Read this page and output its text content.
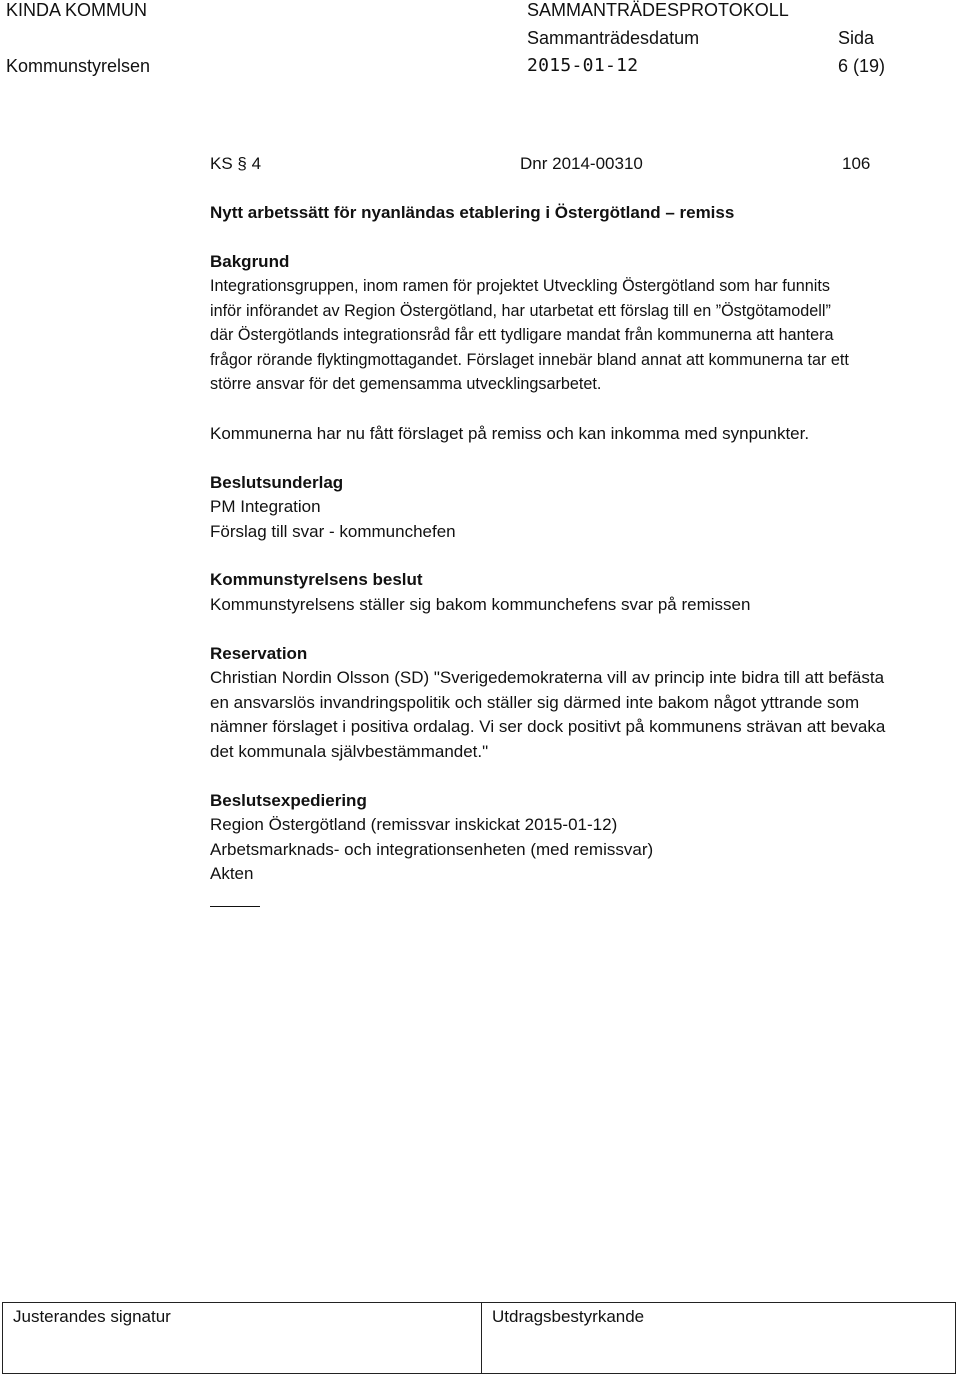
KINDA KOMMUN	SAMMANTRÄDESPROTOKOLL
Sammanträdesdatum	Sida
Kommunstyrelsen	2015-01-12	6 (19)
KS § 4	Dnr 2014-00310	106
Nytt arbetssätt för nyanländas etablering i Östergötland – remiss
Bakgrund
Integrationsgruppen, inom ramen för projektet Utveckling Östergötland som har funnits
inför införandet av Region Östergötland, har utarbetat ett förslag till en ”Östgötamodell”
där Östergötlands integrationsråd får ett tydligare mandat från kommunerna att hantera
frågor rörande flyktingmottagandet. Förslaget innebär bland annat att kommunerna tar ett
större ansvar för det gemensamma utvecklingsarbetet.
Kommunerna har nu fått förslaget på remiss och kan inkomma med synpunkter.
Beslutsunderlag
PM Integration
Förslag till svar - kommunchefen
Kommunstyrelsens beslut
Kommunstyrelsens ställer sig bakom kommunchefens svar på remissen
Reservation
Christian Nordin Olsson (SD) "Sverigedemokraterna vill av princip inte bidra till att befästa
en ansvarslös invandringspolitik och ställer sig därmed inte bakom något yttrande som
nämner förslaget i positiva ordalag. Vi ser dock positivt på kommunens strävan att bevaka
det kommunala självbestämmandet."
Beslutsexpediering
Region Östergötland (remissvar inskickat 2015-01-12)
Arbetsmarknads- och integrationsenheten (med remissvar)
Akten
Justerandes signatur	Utdragsbestyrkande
